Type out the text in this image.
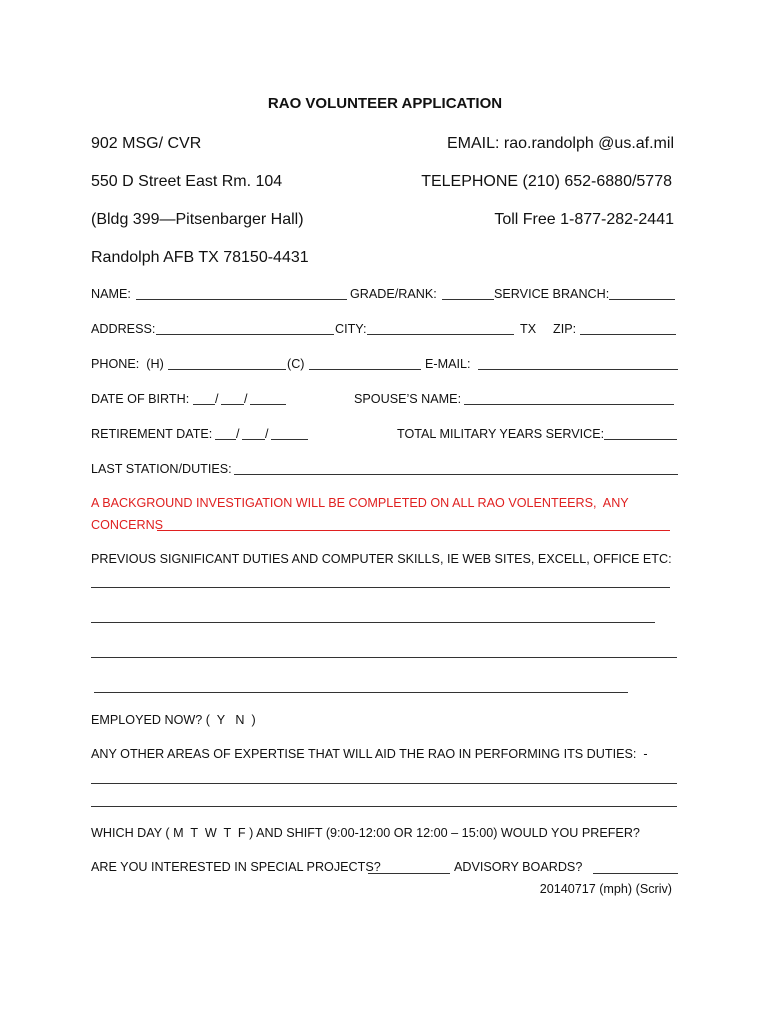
RAO VOLUNTEER APPLICATION
902 MSG/ CVR
550 D Street East Rm. 104
(Bldg 399—Pitsenbarger Hall)
Randolph AFB TX 78150-4431
EMAIL: rao.randolph @us.af.mil
TELEPHONE (210) 652-6880/5778
Toll Free 1-877-282-2441
NAME:	GRADE/RANK:	SERVICE BRANCH:
ADDRESS:	CITY:	TX ZIP:
PHONE:  (H)	(C)	E-MAIL:
DATE OF BIRTH: / /	SPOUSE’S NAME:
RETIREMENT DATE: / /	TOTAL MILITARY YEARS SERVICE:
LAST STATION/DUTIES:
A BACKGROUND INVESTIGATION WILL BE COMPLETED ON ALL RAO VOLENTEERS,  ANY
CONCERNS
PREVIOUS SIGNIFICANT DUTIES AND COMPUTER SKILLS, IE WEB SITES, EXCELL, OFFICE ETC:
EMPLOYED NOW? (  Y   N  )
ANY OTHER AREAS OF EXPERTISE THAT WILL AID THE RAO IN PERFORMING ITS DUTIES:  -
WHICH DAY ( M  T  W  T  F ) AND SHIFT (9:00-12:00 OR 12:00 – 15:00) WOULD YOU PREFER?
ARE YOU INTERESTED IN SPECIAL PROJECTS?	ADVISORY BOARDS?
20140717 (mph) (Scriv)
